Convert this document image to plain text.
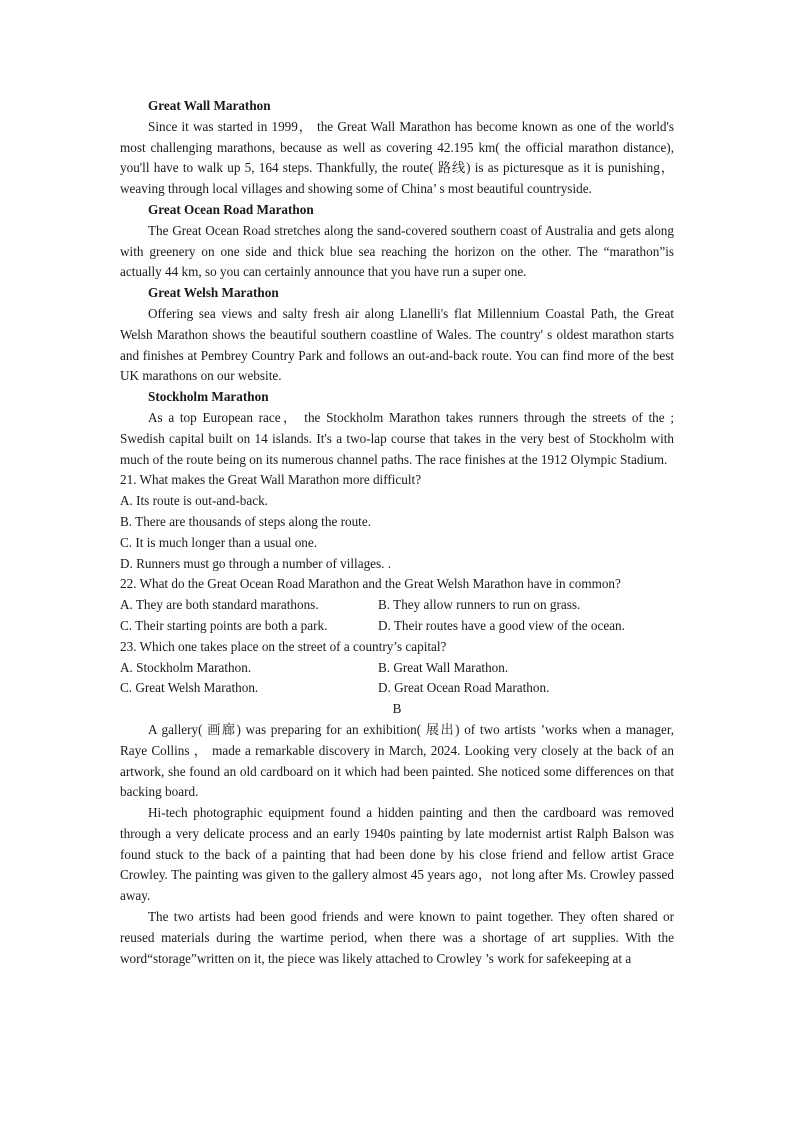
Great Wall Marathon
Since it was started in 1999， the Great Wall Marathon has become known as one of the world's most challenging marathons, because as well as covering 42.195 km( the official marathon distance), you'll have to walk up 5, 164 steps. Thankfully, the route( 路线) is as picturesque as it is punishing， weaving through local villages and showing some of China’ s most beautiful countryside.
Great Ocean Road Marathon
The Great Ocean Road stretches along the sand-covered southern coast of Australia and gets along with greenery on one side and thick blue sea reaching the horizon on the other. The “marathon”is actually 44 km, so you can certainly announce that you have run a super one.
Great Welsh Marathon
Offering sea views and salty fresh air along Llanelli's flat Millennium Coastal Path, the Great Welsh Marathon shows the beautiful southern coastline of Wales. The country' s oldest marathon starts and finishes at Pembrey Country Park and follows an out-and-back route. You can find more of the best UK marathons on our website.
Stockholm Marathon
As a top European race， the Stockholm Marathon takes runners through the streets of the ; Swedish capital built on 14 islands. It's a two-lap course that takes in the very best of Stockholm with much of the route being on its numerous channel paths. The race finishes at the 1912 Olympic Stadium.
21. What makes the Great Wall Marathon more difficult?
A. Its route is out-and-back.
B. There are thousands of steps along the route.
C. It is much longer than a usual one.
D. Runners must go through a number of villages. .
22. What do the Great Ocean Road Marathon and the Great Welsh Marathon have in common?
A. They are both standard marathons.	B. They allow runners to run on grass.
C. Their starting points are both a park.	D. Their routes have a good view of the ocean.
23. Which one takes place on the street of a country’s capital?
A. Stockholm Marathon.	B. Great Wall Marathon.
C. Great Welsh Marathon.	D. Great Ocean Road Marathon.
B
A gallery( 画廊) was preparing for an exhibition( 展出) of two artists ’works when a manager, Raye Collins ， made a remarkable discovery in March, 2024. Looking very closely at the back of an artwork, she found an old cardboard on it which had been painted. She noticed some differences on that backing board.
Hi-tech photographic equipment found a hidden painting and then the cardboard was removed through a very delicate process and an early 1940s painting by late modernist artist Ralph Balson was found stuck to the back of a painting that had been done by his close friend and fellow artist Grace Crowley. The painting was given to the gallery almost 45 years ago，not long after Ms. Crowley passed away.
The two artists had been good friends and were known to paint together. They often shared or reused materials during the wartime period, when there was a shortage of art supplies. With the word“storage”written on it, the piece was likely attached to Crowley ’s work for safekeeping at a
